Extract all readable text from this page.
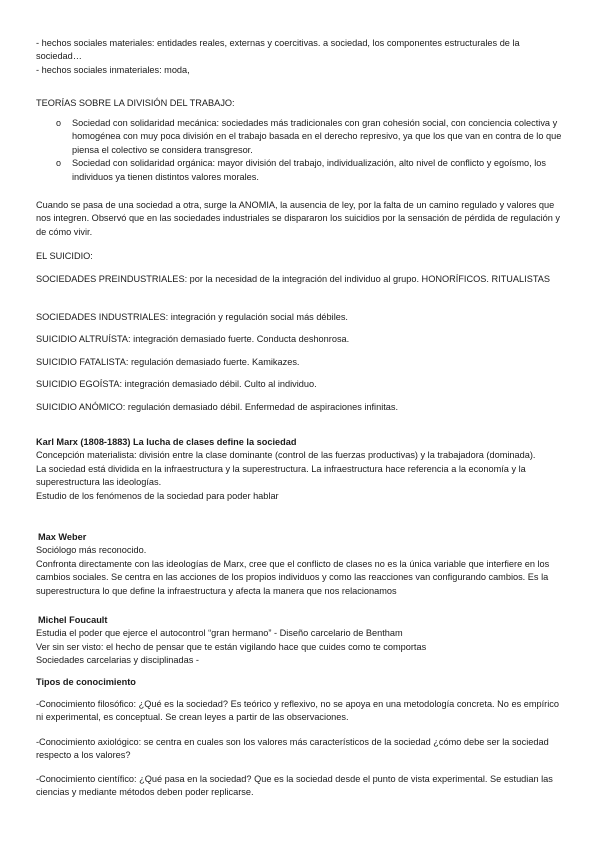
- hechos sociales materiales: entidades reales, externas y coercitivas. a sociedad, los componentes estructurales de la sociedad…

- hechos sociales inmateriales: moda,

TEORÍAS SOBRE LA DIVISIÓN DEL TRABAJO:
o Sociedad con solidaridad mecánica: sociedades más tradicionales con gran cohesión social, con conciencia colectiva y homogénea con muy poca división en el trabajo basada en el derecho represivo, ya que los que van en contra de lo que piensa el colectivo se considera transgresor.
o Sociedad con solidaridad orgánica: mayor división del trabajo, individualización, alto nivel de conflicto y egoísmo, los individuos ya tienen distintos valores morales.
Cuando se pasa de una sociedad a otra, surge la ANOMIA, la ausencia de ley, por la falta de un camino regulado y valores que nos integren. Observó que en las sociedades industriales se dispararon los suicidios por la sensación de pérdida de regulación y de cómo vivir.
EL SUICIDIO:
SOCIEDADES PREINDUSTRIALES: por la necesidad de la integración del individuo al grupo. HONORÍFICOS. RITUALISTAS
SOCIEDADES INDUSTRIALES: integración y regulación social más débiles.
SUICIDIO ALTRUÍSTA: integración demasiado fuerte. Conducta deshonrosa.
SUICIDIO FATALISTA: regulación demasiado fuerte. Kamikazes.
SUICIDIO EGOÍSTA: integración demasiado débil. Culto al individuo.
SUICIDIO ANÓMICO: regulación demasiado débil. Enfermedad de aspiraciones infinitas.

Karl Marx (1808-1883) La lucha de clases define la sociedad

Concepción materialista: división entre la clase dominante (control de las fuerzas productivas) y la trabajadora (dominada).

La sociedad está dividida en la infraestructura y la superestructura. La infraestructura hace referencia a la economía y la superestructura las ideologías.

Estudio de los fenómenos de la sociedad para poder hablar

Max Weber

Sociólogo más reconocido.

Confronta directamente con las ideologías de Marx, cree que el conflicto de clases no es la única variable que interfiere en los cambios sociales. Se centra en las acciones de los propios individuos y como las reacciones van configurando cambios. Es la superestructura lo que define la infraestructura y afecta la manera que nos relacionamos

Michel Foucault

Estudia el poder que ejerce el autocontrol “gran hermano” - Diseño carcelario de Bentham

Ver sin ser visto: el hecho de pensar que te están vigilando hace que cuides como te comportas

Sociedades carcelarias y disciplinadas -

Tipos de conocimiento
-Conocimiento filosófico: ¿Qué es la sociedad? Es teórico y reflexivo, no se apoya en una metodología concreta. No es empírico ni experimental, es conceptual. Se crean leyes a partir de las observaciones.
-Conocimiento axiológico: se centra en cuales son los valores más característicos de la sociedad ¿cómo debe ser la sociedad respecto a los valores?
-Conocimiento científico: ¿Qué pasa en la sociedad? Que es la sociedad desde el punto de vista experimental. Se estudian las ciencias y mediante métodos deben poder replicarse.
